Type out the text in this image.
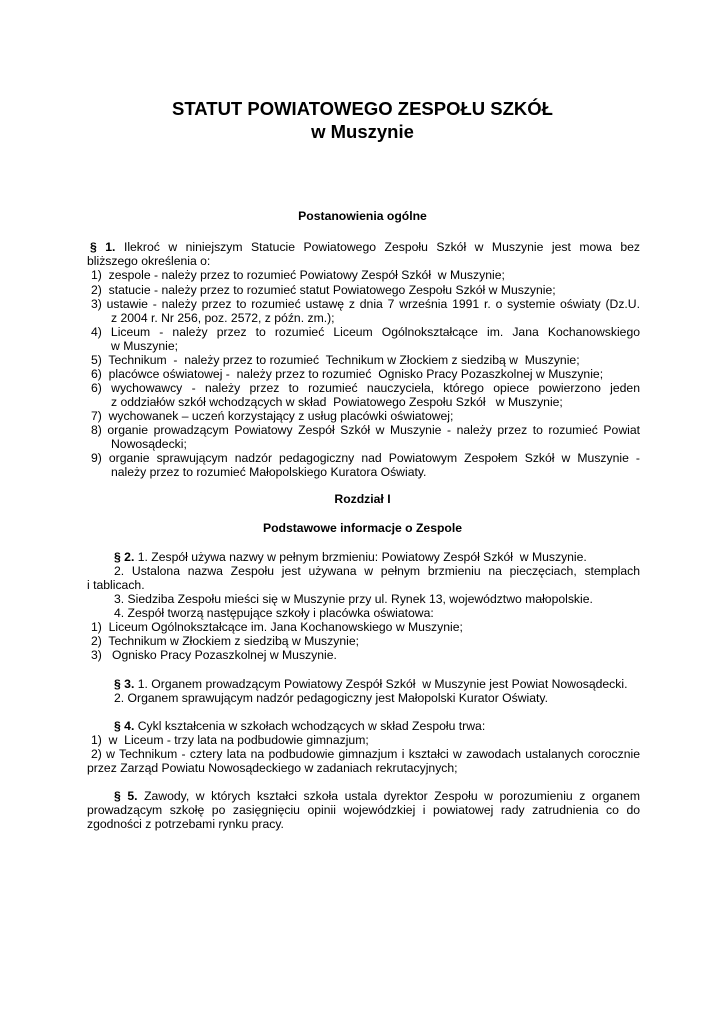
STATUT POWIATOWEGO ZESPOŁU SZKÓŁ
w Muszynie
Postanowienia ogólne
§ 1. Ilekroć w niniejszym Statucie Powiatowego Zespołu Szkół w Muszynie jest mowa bez
bliższego określenia o:
1)  zespole - należy przez to rozumieć Powiatowy Zespół Szkół  w Muszynie;
2)  statucie - należy przez to rozumieć statut Powiatowego Zespołu Szkół w Muszynie;
3) ustawie - należy przez to rozumieć ustawę z dnia 7 września 1991 r. o systemie oświaty (Dz.U.
z 2004 r. Nr 256, poz. 2572, z późn. zm.);
4) Liceum - należy przez to rozumieć Liceum Ogólnokształcące im. Jana Kochanowskiego
w Muszynie;
5)  Technikum  -  należy przez to rozumieć  Technikum w Złockiem z siedzibą w  Muszynie;
6)  placówce oświatowej -  należy przez to rozumieć  Ognisko Pracy Pozaszkolnej w Muszynie;
6) wychowawcy - należy przez to rozumieć nauczyciela, którego opiece powierzono jeden
z oddziałów szkół wchodzących w skład  Powiatowego Zespołu Szkół   w Muszynie;
7)  wychowanek – uczeń korzystający z usług placówki oświatowej;
8) organie prowadzącym Powiatowy Zespół Szkół w Muszynie - należy przez to rozumieć Powiat
Nowosądecki;
9) organie sprawującym nadzór pedagogiczny nad Powiatowym Zespołem Szkół w Muszynie -
należy przez to rozumieć Małopolskiego Kuratora Oświaty.
Rozdział I
Podstawowe informacje o Zespole
§ 2. 1. Zespół używa nazwy w pełnym brzmieniu: Powiatowy Zespół Szkół  w Muszynie.
2. Ustalona nazwa Zespołu jest używana w pełnym brzmieniu na pieczęciach, stemplach
i tablicach.
3. Siedziba Zespołu mieści się w Muszynie przy ul. Rynek 13, województwo małopolskie.
4. Zespół tworzą następujące szkoły i placówka oświatowa:
1)  Liceum Ogólnokształcące im. Jana Kochanowskiego w Muszynie;
2)  Technikum w Złockiem z siedzibą w Muszynie;
3)   Ognisko Pracy Pozaszkolnej w Muszynie.
§ 3. 1. Organem prowadzącym Powiatowy Zespół Szkół  w Muszynie jest Powiat Nowosądecki.
2. Organem sprawującym nadzór pedagogiczny jest Małopolski Kurator Oświaty.
§ 4. Cykl kształcenia w szkołach wchodzących w skład Zespołu trwa:
1)  w  Liceum - trzy lata na podbudowie gimnazjum;
2) w Technikum - cztery lata na podbudowie gimnazjum i kształci w zawodach ustalanych corocznie
przez Zarząd Powiatu Nowosądeckiego w zadaniach rekrutacyjnych;
§ 5. Zawody, w których kształci szkoła ustala dyrektor Zespołu w porozumieniu z organem
prowadzącym szkołę po zasięgnięciu opinii wojewódzkiej i powiatowej rady zatrudnienia co do
zgodności z potrzebami rynku pracy.
